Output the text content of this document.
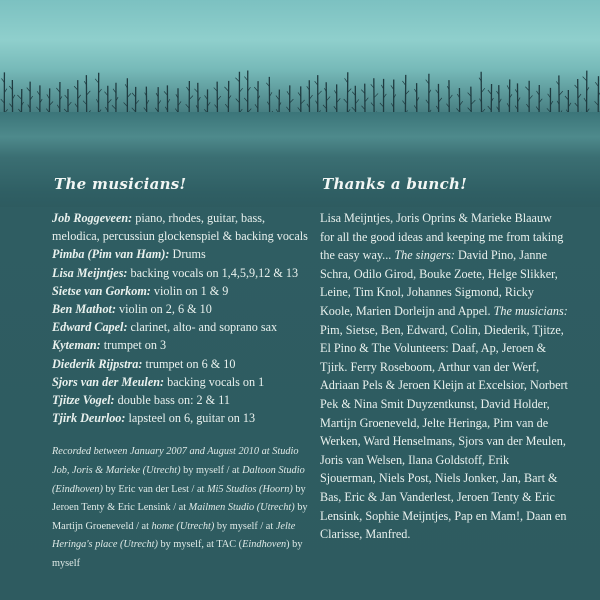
The musicians!
Job Roggeveen: piano, rhodes, guitar, bass, melodica, percussiun glockenspiel & backing vocals
Pimba (Pim van Ham): Drums
Lisa Meijntjes: backing vocals on 1,4,5,9,12 & 13
Sietse van Gorkom: violin on 1 & 9
Ben Mathot: violin on 2, 6 & 10
Edward Capel: clarinet, alto- and soprano sax
Kyteman: trumpet on 3
Diederik Rijpstra: trumpet on 6 & 10
Sjors van der Meulen: backing vocals on 1
Tjitze Vogel: double bass on: 2 & 11
Tjirk Deurloo: lapsteel on 6, guitar on 13

Recorded between January 2007 and August 2010 at Studio Job, Joris & Marieke (Utrecht) by myself / at Daltoon Studio (Eindhoven) by Eric van der Lest / at Mi5 Studios (Hoorn) by Jeroen Tenty & Eric Lensink / at Mailmen Studio (Utrecht) by Martijn Groeneveld / at home (Utrecht) by myself / at Jelte Heringa's place (Utrecht) by myself, at TAC (Eindhoven) by myself

Thanks a bunch!

Lisa Meijntjes, Joris Oprins & Marieke Blaauw for all the good ideas and keeping me from taking the easy way... The singers: David Pino, Janne Schra, Odilo Girod, Bouke Zoete, Helge Slikker, Leine, Tim Knol, Johannes Sigmond, Ricky Koole, Marien Dorleijn and Appel. The musicians: Pim, Sietse, Ben, Edward, Colin, Diederik, Tjitze, El Pino & The Volunteers: Daaf, Ap, Jeroen & Tjirk. Ferry Roseboom, Arthur van der Werf, Adriaan Pels & Jeroen Kleijn at Excelsior, Norbert Pek & Nina Smit Duyzentkunst, David Holder, Martijn Groeneveld, Jelte Heringa, Pim van de Werken, Ward Henselmans, Sjors van der Meulen, Joris van Welsen, Ilana Goldstoff, Erik Sjouerman, Niels Post, Niels Jonker, Jan, Bart & Bas, Eric & Jan Vanderlest, Jeroen Tenty & Eric Lensink, Sophie Meijntjes, Pap en Mam!, Daan en Clarisse, Manfred.
